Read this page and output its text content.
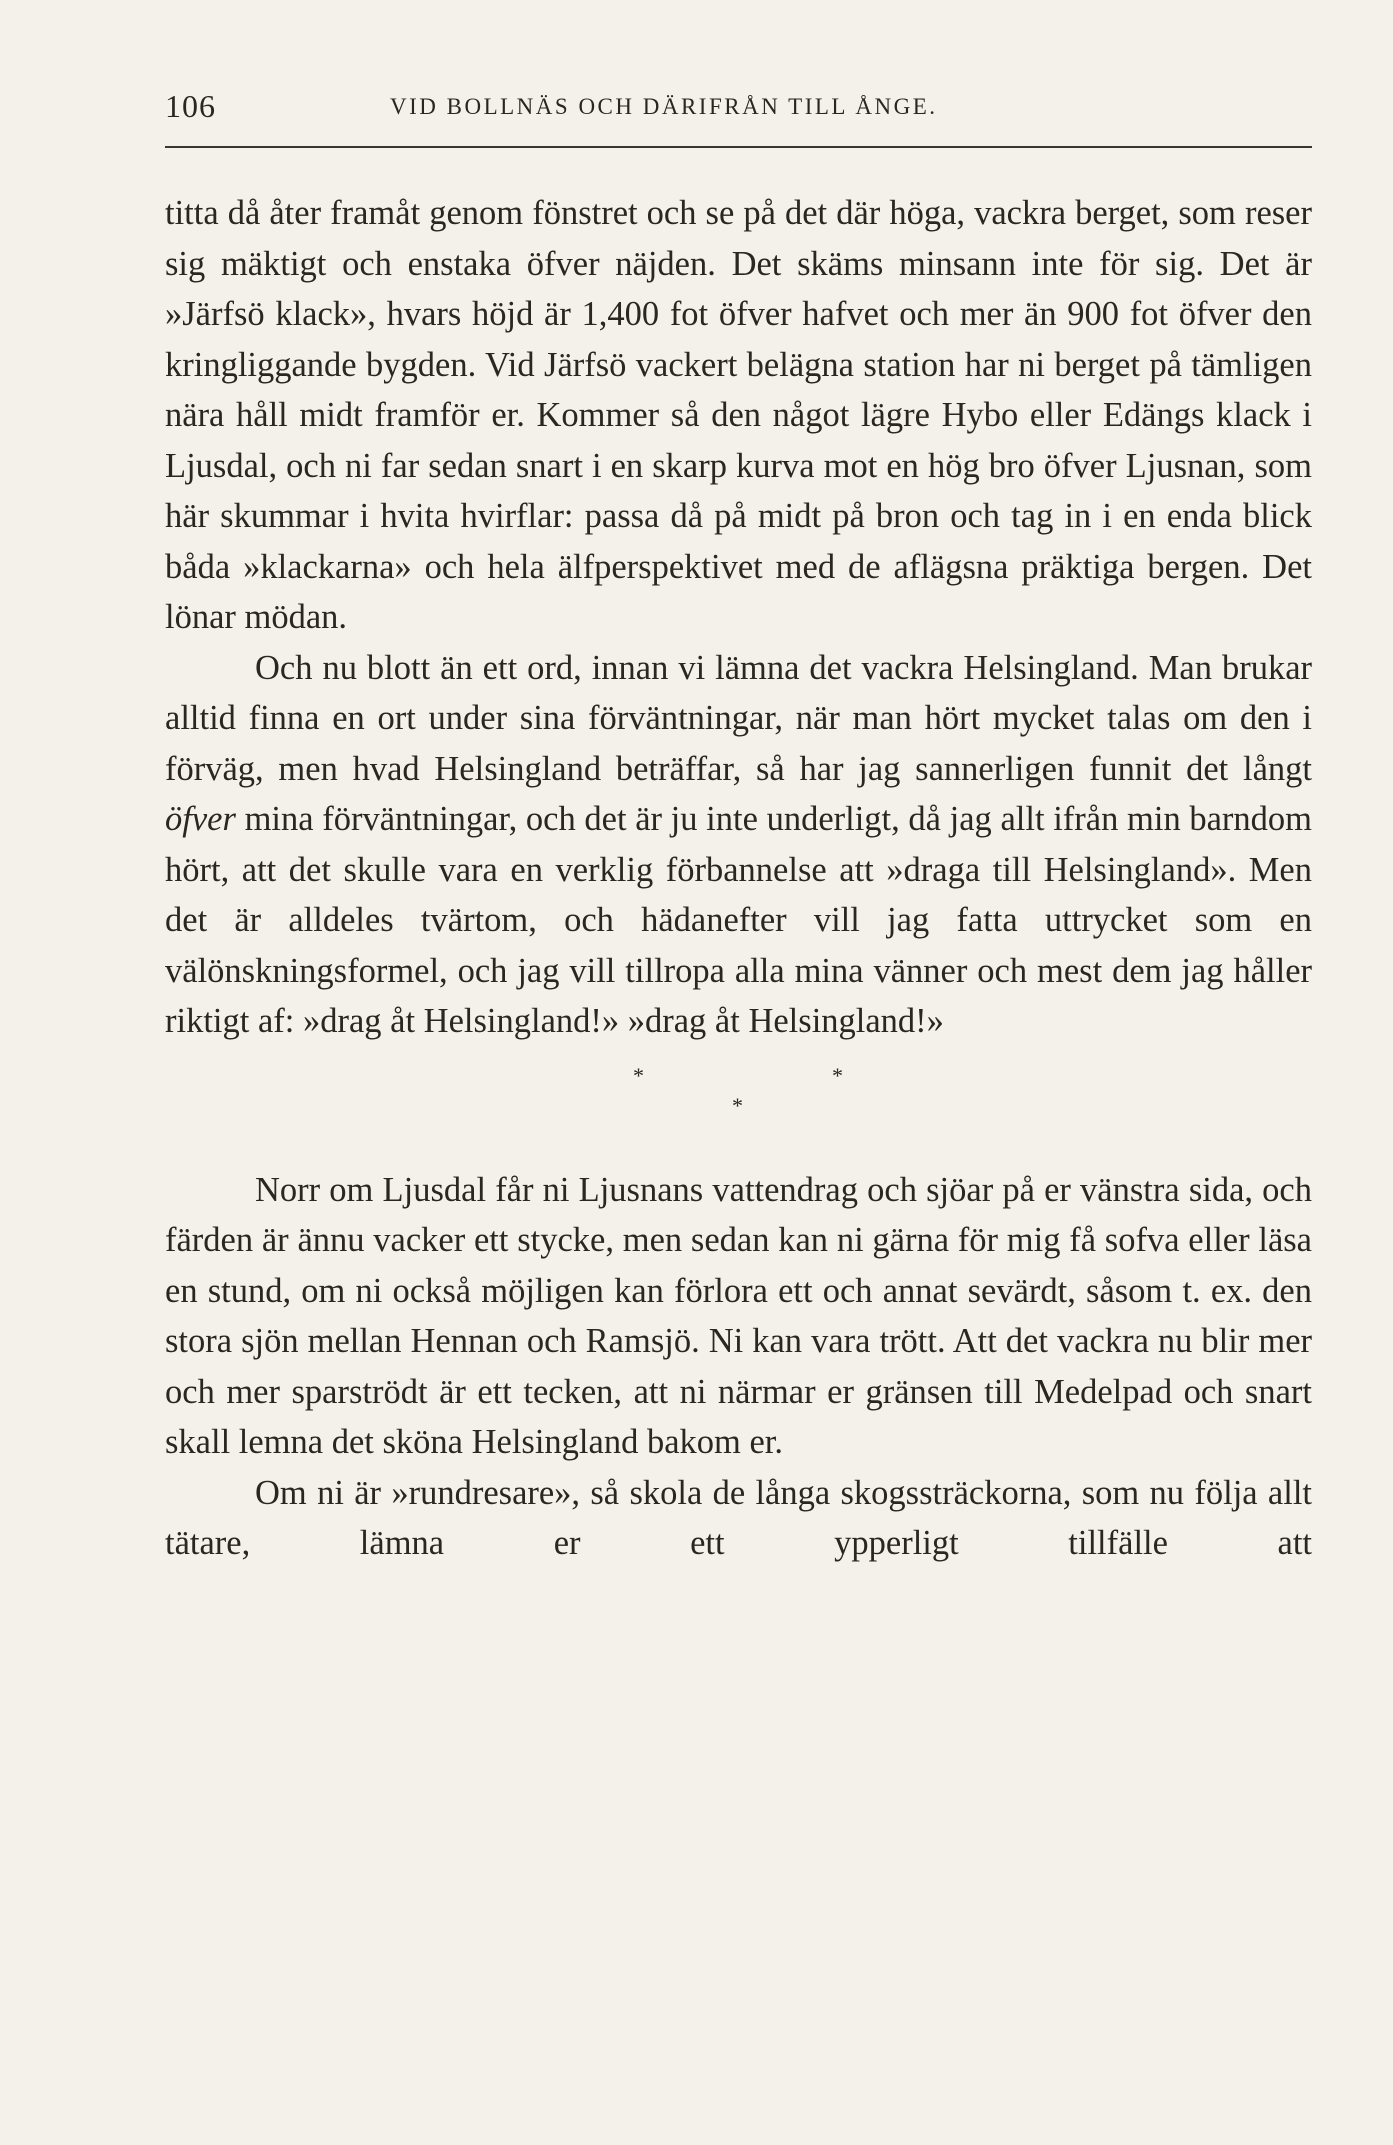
106	VID BOLLNÄS OCH DÄRIFRÅN TILL ÅNGE.

titta då åter framåt genom fönstret och se på det där höga, vackra berget, som reser sig mäktigt och enstaka öfver näjden. Det skäms minsann inte för sig. Det är »Järfsö klack», hvars höjd är 1,400 fot öfver hafvet och mer än 900 fot öfver den kringliggande bygden. Vid Järfsö vackert belägna station har ni berget på tämligen nära håll midt framför er. Kommer så den något lägre Hybo eller Edängs klack i Ljusdal, och ni far sedan snart i en skarp kurva mot en hög bro öfver Ljusnan, som här skummar i hvita hvirflar: passa då på midt på bron och tag in i en enda blick båda »klackarna» och hela älfperspektivet med de aflägsna präktiga bergen. Det lönar mödan.

Och nu blott än ett ord, innan vi lämna det vackra Helsingland. Man brukar alltid finna en ort under sina förväntningar, när man hört mycket talas om den i förväg, men hvad Helsingland beträffar, så har jag sannerligen funnit det långt öfver mina förväntningar, och det är ju inte underligt, då jag allt ifrån min barndom hört, att det skulle vara en verklig förbannelse att »draga till Helsingland». Men det är alldeles tvärtom, och hädanefter vill jag fatta uttrycket som en välönskningsformel, och jag vill tillropa alla mina vänner och mest dem jag håller riktigt af: »drag åt Helsingland!» »drag åt Helsingland!»

*	*
*

Norr om Ljusdal får ni Ljusnans vattendrag och sjöar på er vänstra sida, och färden är ännu vacker ett stycke, men sedan kan ni gärna för mig få sofva eller läsa en stund, om ni också möjligen kan förlora ett och annat sevärdt, såsom t. ex. den stora sjön mellan Hennan och Ramsjö. Ni kan vara trött. Att det vackra nu blir mer och mer sparströdt är ett tecken, att ni närmar er gränsen till Medelpad och snart skall lemna det sköna Helsingland bakom er.

Om ni är »rundresare», så skola de långa skogssträckorna, som nu följa allt tätare, lämna er ett ypperligt tillfälle att
